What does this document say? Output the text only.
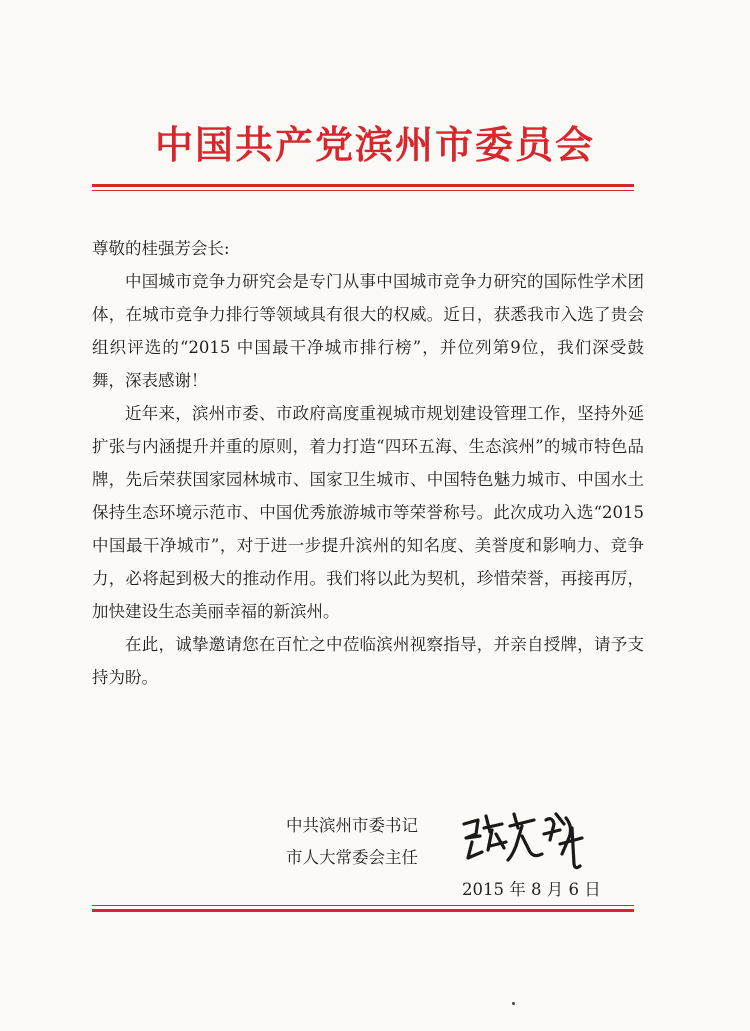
中国共产党滨州市委员会

尊敬的桂强芳会长:

中国城市竞争力研究会是专门从事中国城市竞争力研究的国际性学术团体，在城市竞争力排行等领域具有很大的权威。近日，获悉我市入选了贵会组织评选的“2015 中国最干净城市排行榜”，并位列第9位，我们深受鼓舞，深表感谢！

近年来，滨州市委、市政府高度重视城市规划建设管理工作，坚持外延扩张与内涵提升并重的原则，着力打造“四环五海、生态滨州”的城市特色品牌，先后荣获国家园林城市、国家卫生城市、中国特色魅力城市、中国水土保持生态环境示范市、中国优秀旅游城市等荣誉称号。此次成功入选“2015 中国最干净城市”，对于进一步提升滨州的知名度、美誉度和影响力、竞争力，必将起到极大的推动作用。我们将以此为契机，珍惜荣誉，再接再厉，加快建设生态美丽幸福的新滨州。

在此，诚挚邀请您在百忙之中莅临滨州视察指导，并亲自授牌，请予支持为盼。

中共滨州市委书记
市人大常委会主任
2015 年 8 月 6 日
